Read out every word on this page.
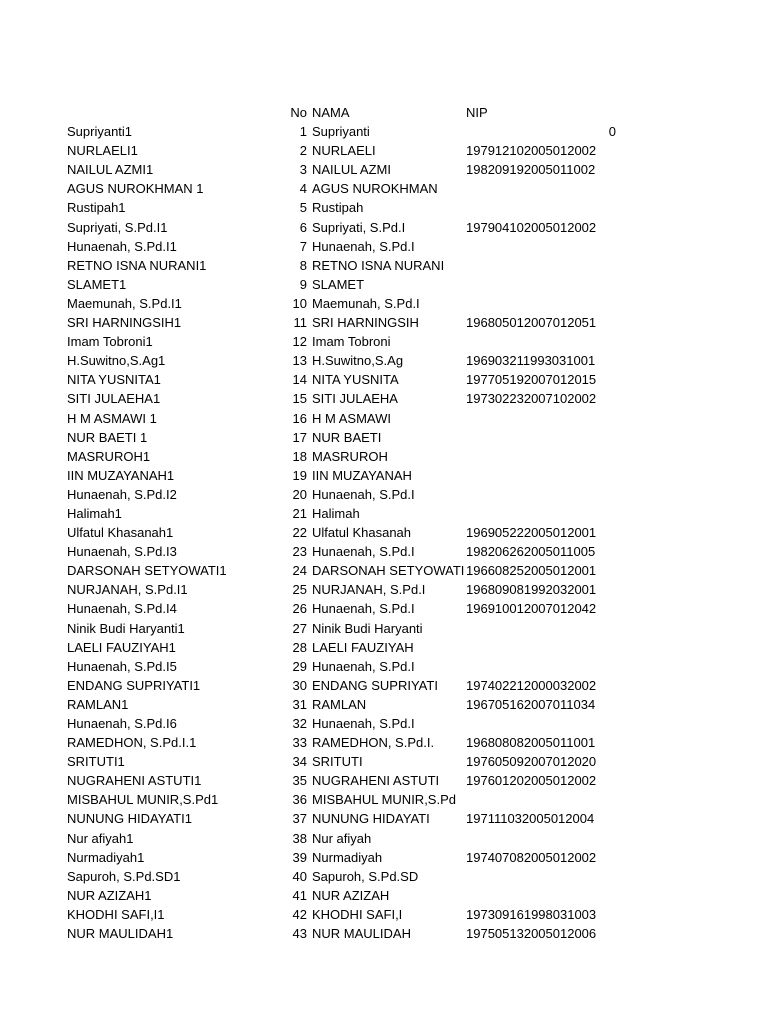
No NAMA	NIP
Supriyanti1	1 Supriyanti	0
NURLAELI1	2 NURLAELI	197912102005012002
NAILUL AZMI1	3 NAILUL AZMI	198209192005011002
AGUS NUROKHMAN 1	4 AGUS NUROKHMAN
Rustipah1	5 Rustipah
Supriyati, S.Pd.I1	6 Supriyati, S.Pd.I	197904102005012002
Hunaenah, S.Pd.I1	7 Hunaenah, S.Pd.I
RETNO ISNA NURANI1	8 RETNO ISNA NURANI
SLAMET1	9 SLAMET
Maemunah, S.Pd.I1	10 Maemunah, S.Pd.I
SRI HARNINGSIH1	11 SRI HARNINGSIH	196805012007012051
Imam Tobroni1	12 Imam Tobroni
H.Suwitno,S.Ag1	13 H.Suwitno,S.Ag	196903211993031001
NITA YUSNITA1	14 NITA YUSNITA	197705192007012015
SITI JULAEHA1	15 SITI JULAEHA	197302232007102002
H M ASMAWI 1	16 H M ASMAWI
NUR BAETI 1	17 NUR BAETI
MASRUROH1	18 MASRUROH
IIN MUZAYANAH1	19 IIN MUZAYANAH
Hunaenah, S.Pd.I2	20 Hunaenah, S.Pd.I
Halimah1	21 Halimah
Ulfatul Khasanah1	22 Ulfatul Khasanah	196905222005012001
Hunaenah, S.Pd.I3	23 Hunaenah, S.Pd.I	198206262005011005
DARSONAH SETYOWATI1	24 DARSONAH SETYOWATI 196608252005012001
NURJANAH, S.Pd.I1	25 NURJANAH, S.Pd.I	196809081992032001
Hunaenah, S.Pd.I4	26 Hunaenah, S.Pd.I	196910012007012042
Ninik Budi Haryanti1	27 Ninik Budi Haryanti
LAELI FAUZIYAH1	28 LAELI FAUZIYAH
Hunaenah, S.Pd.I5	29 Hunaenah, S.Pd.I
ENDANG SUPRIYATI1	30 ENDANG SUPRIYATI	197402212000032002
RAMLAN1	31 RAMLAN	196705162007011034
Hunaenah, S.Pd.I6	32 Hunaenah, S.Pd.I
RAMEDHON, S.Pd.I.1	33 RAMEDHON, S.Pd.I.	196808082005011001
SRITUTI1	34 SRITUTI	197605092007012020
NUGRAHENI ASTUTI1	35 NUGRAHENI ASTUTI	197601202005012002
MISBAHUL MUNIR,S.Pd1	36 MISBAHUL MUNIR,S.Pd
NUNUNG HIDAYATI1	37 NUNUNG HIDAYATI	197111032005012004
Nur afiyah1	38 Nur afiyah
Nurmadiyah1	39 Nurmadiyah	197407082005012002
Sapuroh, S.Pd.SD1	40 Sapuroh, S.Pd.SD
NUR AZIZAH1	41 NUR AZIZAH
KHODHI SAFI,I1	42 KHODHI SAFI,I	197309161998031003
NUR MAULIDAH1	43 NUR MAULIDAH	197505132005012006
